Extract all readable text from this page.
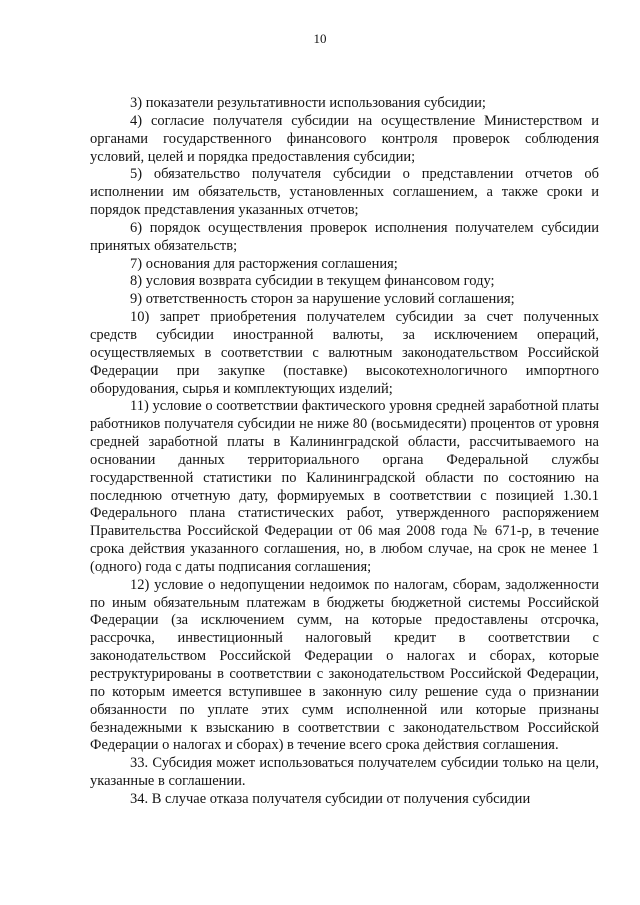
10

3) показатели результативности использования субсидии;

4) согласие получателя субсидии на осуществление Министерством и органами государственного финансового контроля проверок соблюдения условий, целей и порядка предоставления субсидии;

5) обязательство получателя субсидии о представлении отчетов об исполнении им обязательств, установленных соглашением, а также сроки и порядок представления указанных отчетов;

6) порядок осуществления проверок исполнения получателем субсидии принятых обязательств;

7) основания для расторжения соглашения;

8) условия возврата субсидии в текущем финансовом году;

9) ответственность сторон за нарушение условий соглашения;

10) запрет приобретения получателем субсидии за счет полученных средств субсидии иностранной валюты, за исключением операций, осуществляемых в соответствии с валютным законодательством Российской Федерации при закупке (поставке) высокотехнологичного импортного оборудования, сырья и комплектующих изделий;

11) условие о соответствии фактического уровня средней заработной платы работников получателя субсидии не ниже 80 (восьмидесяти) процентов от уровня средней заработной платы в Калининградской области, рассчитываемого на основании данных территориального органа Федеральной службы государственной статистики по Калининградской области по состоянию на последнюю отчетную дату, формируемых в соответствии с позицией 1.30.1 Федерального плана статистических работ, утвержденного распоряжением Правительства Российской Федерации от 06 мая 2008 года № 671-р, в течение срока действия указанного соглашения, но, в любом случае, на срок не менее 1 (одного) года с даты подписания соглашения;

12) условие о недопущении недоимок по налогам, сборам, задолженности по иным обязательным платежам в бюджеты бюджетной системы Российской Федерации (за исключением сумм, на которые предоставлены отсрочка, рассрочка, инвестиционный налоговый кредит в соответствии с законодательством Российской Федерации о налогах и сборах, которые реструктурированы в соответствии с законодательством Российской Федерации, по которым имеется вступившее в законную силу решение суда о признании обязанности по уплате этих сумм исполненной или которые признаны безнадежными к взысканию в соответствии с законодательством Российской Федерации о налогах и сборах) в течение всего срока действия соглашения.

33. Субсидия может использоваться получателем субсидии только на цели, указанные в соглашении.

34. В случае отказа получателя субсидии от получения субсидии
